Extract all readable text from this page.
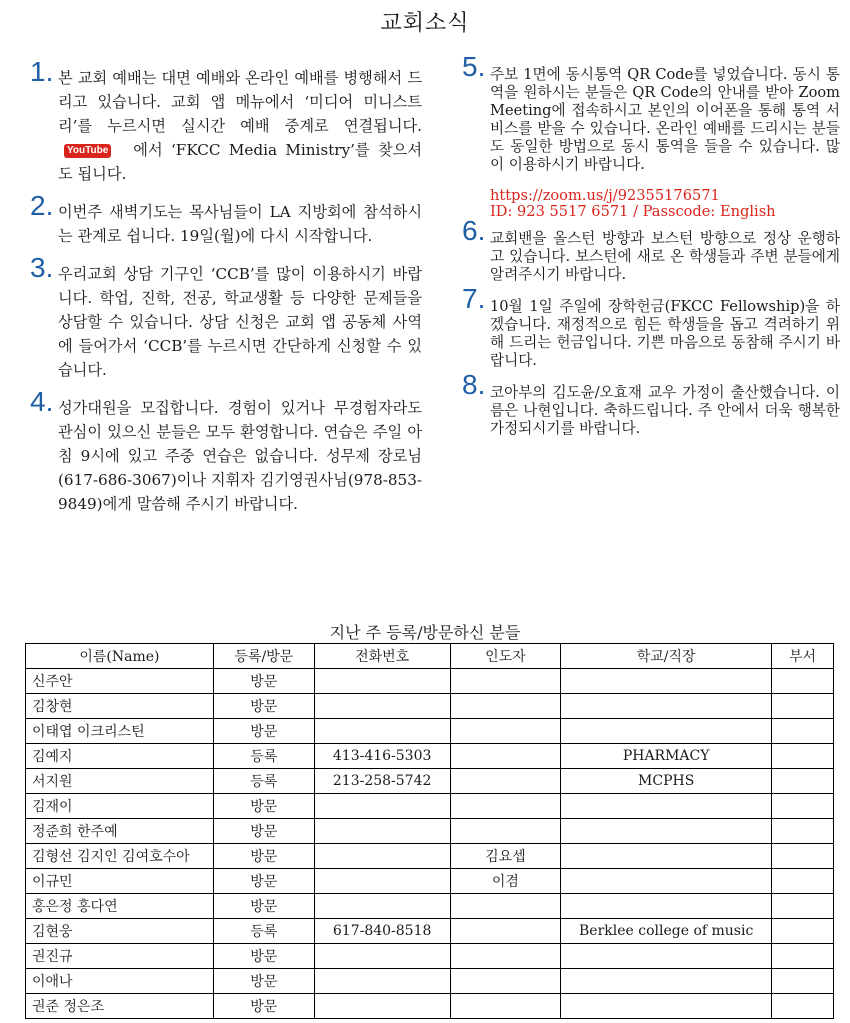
교회소식
1. 본 교회 예배는 대면 예배와 온라인 예배를 병행해서 드리고 있습니다. 교회 앱 메뉴에서 ‘미디어 미니스트리’를 누르시면 실시간 예배 중계로 연결됩니다. YouTube 에서 ‘FKCC Media Ministry’를 찾으셔도 됩니다.
2. 이번주 새벽기도는 목사님들이 LA 지방회에 참석하시는 관계로 쉽니다. 19일(월)에 다시 시작합니다.
3. 우리교회 상담 기구인 ‘CCB’를 많이 이용하시기 바랍니다. 학업, 진학, 전공, 학교생활 등 다양한 문제들을 상담할 수 있습니다. 상담 신청은 교회 앱 공동체 사역에 들어가서 ‘CCB’를 누르시면 간단하게 신청할 수 있습니다.
4. 성가대원을 모집합니다. 경험이 있거나 무경험자라도 관심이 있으신 분들은 모두 환영합니다. 연습은 주일 아침 9시에 있고 주중 연습은 없습니다. 성무제 장로님(617-686-3067)이나 지휘자 김기영권사님(978-853-9849)에게 말씀해 주시기 바랍니다.
5. 주보 1면에 동시통역 QR Code를 넣었습니다. 동시 통역을 원하시는 분들은 QR Code의 안내를 받아 Zoom Meeting에 접속하시고 본인의 이어폰을 통해 통역 서비스를 받을 수 있습니다. 온라인 예배를 드리시는 분들도 동일한 방법으로 동시 통역을 들을 수 있습니다. 많이 이용하시기 바랍니다.
https://zoom.us/j/92355176571
ID: 923 5517 6571 / Passcode: English
6. 교회밴을 올스턴 방향과 보스턴 방향으로 정상 운행하고 있습니다. 보스턴에 새로 온 학생들과 주변 분들에게 알려주시기 바랍니다.
7. 10월 1일 주일에 장학헌금(FKCC Fellowship)을 하겠습니다. 재정적으로 힘든 학생들을 돕고 격려하기 위해 드리는 헌금입니다. 기쁜 마음으로 동참해 주시기 바랍니다.
8. 코아부의 김도윤/오효재 교우 가정이 출산했습니다. 이름은 나현입니다. 축하드립니다. 주 안에서 더욱 행복한 가정되시기를 바랍니다.
지난 주 등록/방문하신 분들
이름(Name)	등록/방문	전화번호	인도자	학교/직장	부서
신주안	방문				
김창현	방문				
이태엽 이크리스틴	방문				
김예지	등록	413-416-5303		PHARMACY	
서지원	등록	213-258-5742		MCPHS	
김재이	방문				
정준희 한주예	방문				
김형선 김지인 김여호수아	방문		김요셉		
이규민	방문		이겸		
홍은정 홍다연	방문				
김현웅	등록	617-840-8518		Berklee college of music	
권진규	방문				
이애나	방문				
권준 정은조	방문				
